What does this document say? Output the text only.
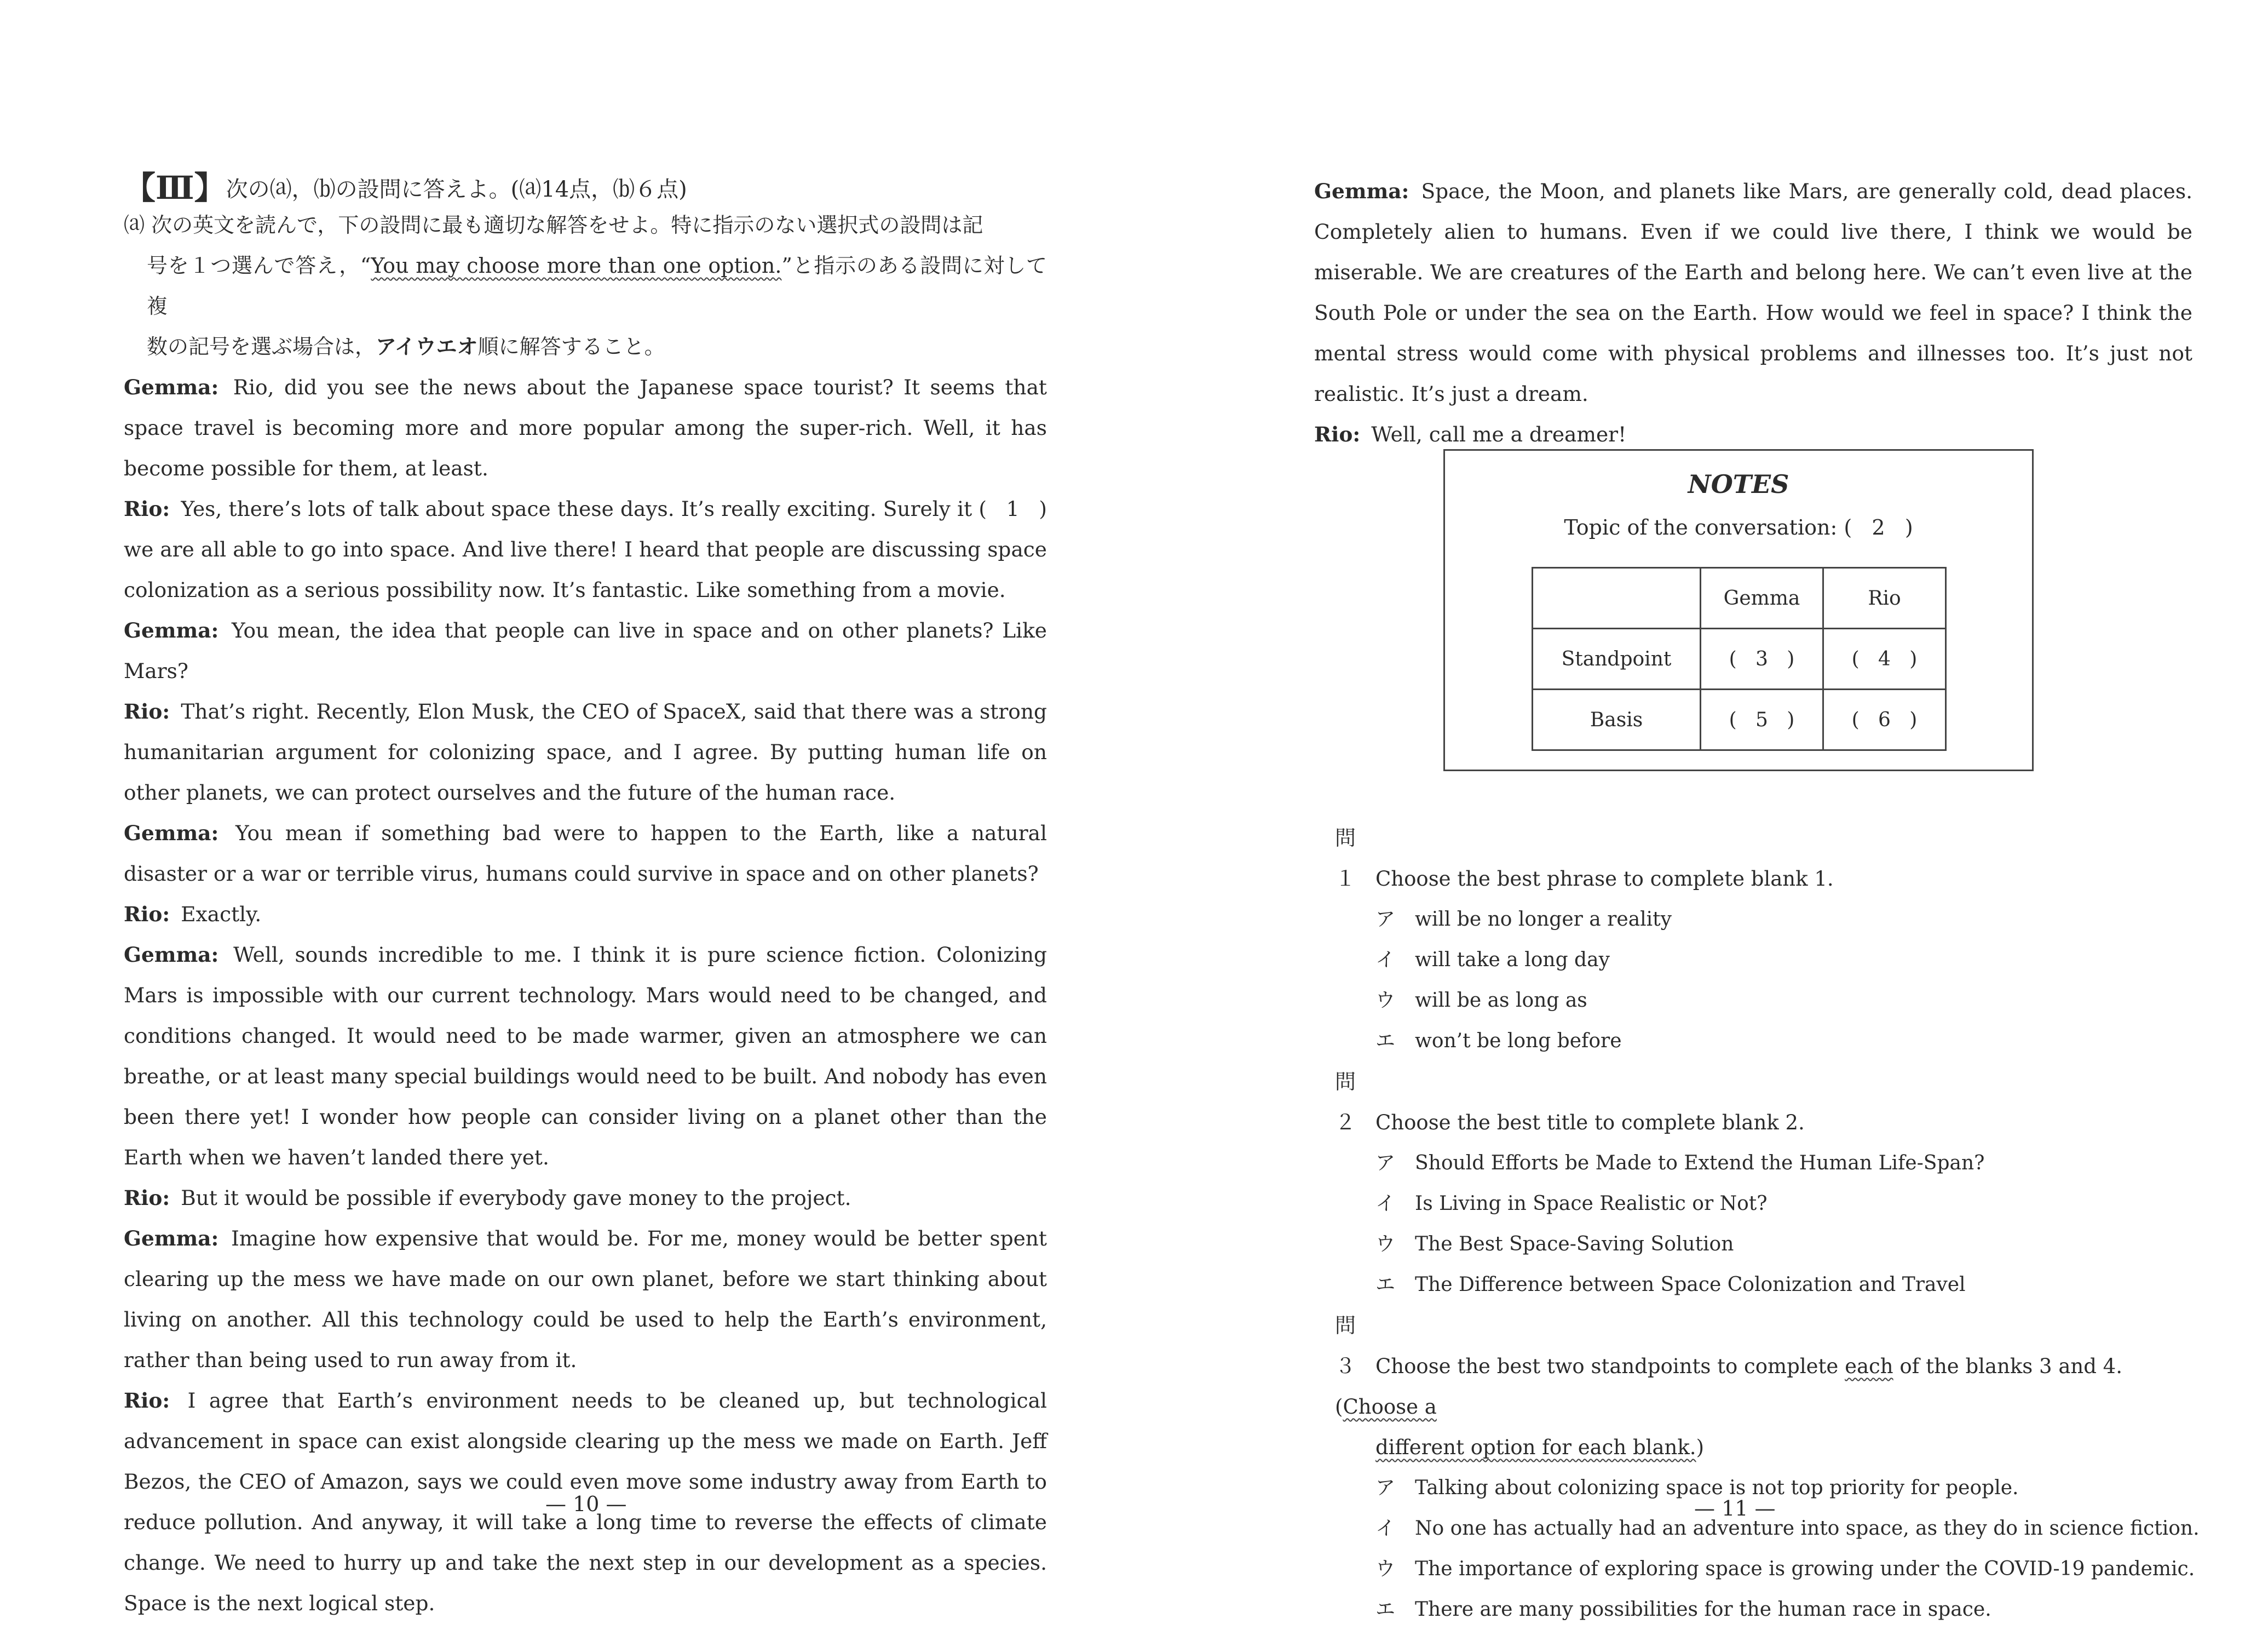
【Ⅲ】次の⒜，⒝の設問に答えよ。(⒜14点，⒝６点)
⒜ 次の英文を読んで，下の設問に最も適切な解答をせよ。特に指示のない選択式の設問は記
号を１つ選んで答え，“You may choose more than one option.”と指示のある設問に対して複
数の記号を選ぶ場合は，アイウエオ順に解答すること。
Gemma: Rio, did you see the news about the Japanese space tourist? It seems that space travel is becoming more and more popular among the super-rich. Well, it has become possible for them, at least.
Rio: Yes, there’s lots of talk about space these days. It’s really exciting. Surely it (   1   ) we are all able to go into space. And live there! I heard that people are discussing space colonization as a serious possibility now. It’s fantastic. Like something from a movie.
Gemma: You mean, the idea that people can live in space and on other planets? Like Mars?
Rio: That’s right. Recently, Elon Musk, the CEO of SpaceX, said that there was a strong humanitarian argument for colonizing space, and I agree. By putting human life on other planets, we can protect ourselves and the future of the human race.
Gemma: You mean if something bad were to happen to the Earth, like a natural disaster or a war or terrible virus, humans could survive in space and on other planets?
Rio: Exactly.
Gemma: Well, sounds incredible to me. I think it is pure science fiction. Colonizing Mars is impossible with our current technology. Mars would need to be changed, and conditions changed. It would need to be made warmer, given an atmosphere we can breathe, or at least many special buildings would need to be built. And nobody has even been there yet! I wonder how people can consider living on a planet other than the Earth when we haven’t landed there yet.
Rio: But it would be possible if everybody gave money to the project.
Gemma: Imagine how expensive that would be. For me, money would be better spent clearing up the mess we have made on our own planet, before we start thinking about living on another. All this technology could be used to help the Earth’s environment, rather than being used to run away from it.
Rio: I agree that Earth’s environment needs to be cleaned up, but technological advancement in space can exist alongside clearing up the mess we made on Earth. Jeff Bezos, the CEO of Amazon, says we could even move some industry away from Earth to reduce pollution. And anyway, it will take a long time to reverse the effects of climate change. We need to hurry up and take the next step in our development as a species. Space is the next logical step.
— 10 —
Gemma: Space, the Moon, and planets like Mars, are generally cold, dead places. Completely alien to humans. Even if we could live there, I think we would be miserable. We are creatures of the Earth and belong here. We can’t even live at the South Pole or under the sea on the Earth. How would we feel in space? I think the mental stress would come with physical problems and illnesses too. It’s just not realistic. It’s just a dream.
Rio: Well, call me a dreamer!
NOTES
Topic of the conversation: (   2   )
	Gemma	Rio
Standpoint	(   3   )	(   4   )
Basis	(   5   )	(   6   )
問１ Choose the best phrase to complete blank 1.
ア will be no longer a reality
イ will take a long day
ウ will be as long as
エ won’t be long before
問２ Choose the best title to complete blank 2.
ア Should Efforts be Made to Extend the Human Life-Span?
イ Is Living in Space Realistic or Not?
ウ The Best Space-Saving Solution
エ The Difference between Space Colonization and Travel
問３ Choose the best two standpoints to complete each of the blanks 3 and 4. (Choose a
different option for each blank.)
ア Talking about colonizing space is not top priority for people.
イ No one has actually had an adventure into space, as they do in science fiction.
ウ The importance of exploring space is growing under the COVID-19 pandemic.
エ There are many possibilities for the human race in space.
— 11 —
